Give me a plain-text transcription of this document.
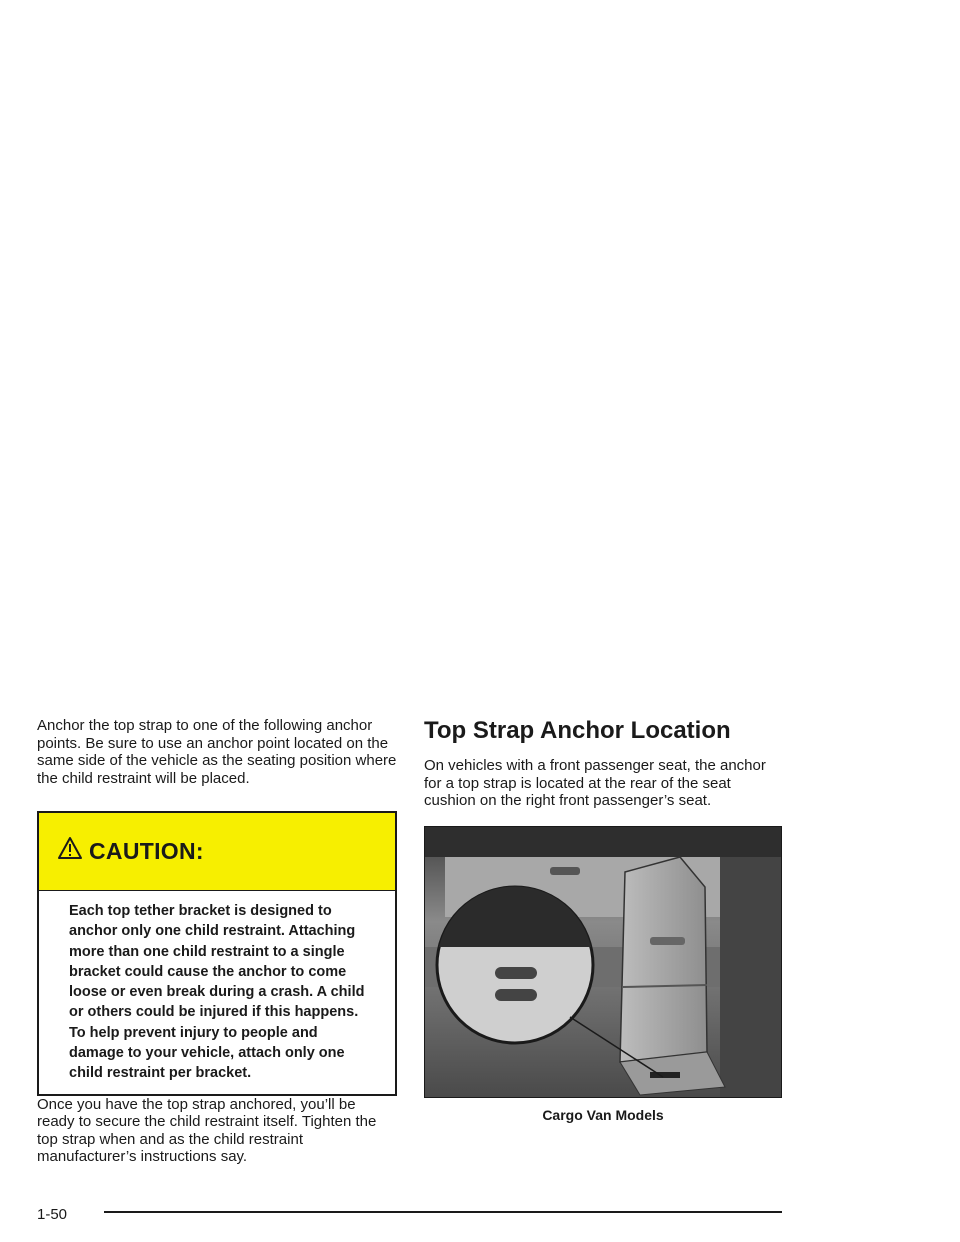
Anchor the top strap to one of the following anchor points. Be sure to use an anchor point located on the same side of the vehicle as the seating position where the child restraint will be placed.

CAUTION:
Each top tether bracket is designed to anchor only one child restraint. Attaching more than one child restraint to a single bracket could cause the anchor to come loose or even break during a crash. A child or others could be injured if this happens. To help prevent injury to people and damage to your vehicle, attach only one child restraint per bracket.

Once you have the top strap anchored, you’ll be ready to secure the child restraint itself. Tighten the top strap when and as the child restraint manufacturer’s instructions say.

Top Strap Anchor Location

On vehicles with a front passenger seat, the anchor for a top strap is located at the rear of the seat cushion on the right front passenger’s seat.

Cargo Van Models
1-50
